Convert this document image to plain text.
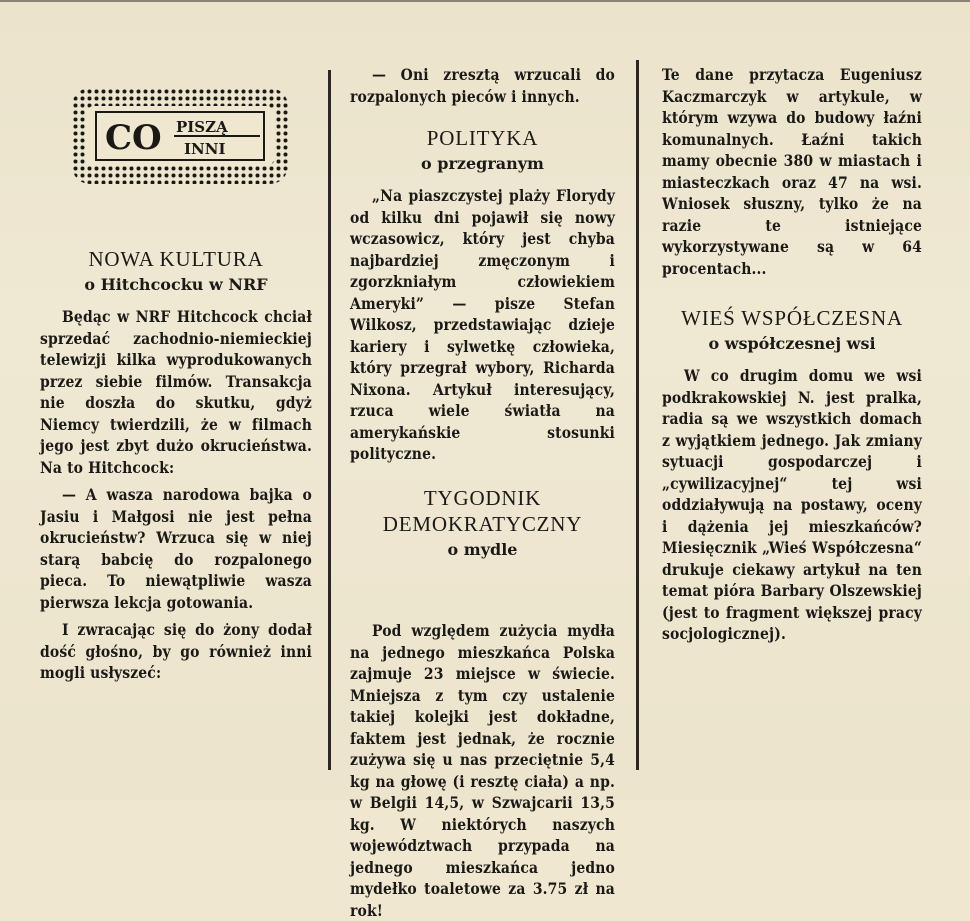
CO PISZĄ
INNI
NOWA KULTURA
o Hitchcocku w NRF

Będąc w NRF Hitchcock chciał sprzedać zachodnio-niemieckiej telewizji kilka wyprodukowanych przez siebie filmów. Transakcja nie doszła do skutku, gdyż Niemcy twierdzili, że w filmach jego jest zbyt dużo okrucieństwa. Na to Hitchcock:

— A wasza narodowa bajka o Jasiu i Małgosi nie jest pełna okrucieństw? Wrzuca się w niej starą babcię do rozpalonego pieca. To niewątpliwie wasza pierwsza lekcja gotowania.

I zwracając się do żony dodał dość głośno, by go również inni mogli usłyszeć:

— Oni zresztą wrzucali do rozpalonych pieców i innych.

POLITYKA
o przegranym

„Na piaszczystej plaży Florydy od kilku dni pojawił się nowy wczasowicz, który jest chyba najbardziej zmęczonym i zgorzkniałym człowiekiem Ameryki” — pisze Stefan Wilkosz, przedstawiając dzieje kariery i sylwetkę człowieka, który przegrał wybory, Richarda Nixona. Artykuł interesujący, rzuca wiele światła na amerykańskie stosunki polityczne.

TYGODNIK DEMOKRATYCZNY
o mydle

Pod względem zużycia mydła na jednego mieszkańca Polska zajmuje 23 miejsce w świecie. Mniejsza z tym czy ustalenie takiej kolejki jest dokładne, faktem jest jednak, że rocznie zużywa się u nas przeciętnie 5,4 kg na głowę (i resztę ciała) a np. w Belgii 14,5, w Szwajcarii 13,5 kg. W niektórych naszych województwach przypada na jednego mieszkańca jedno mydełko toaletowe za 3.75 zł na rok!

Te dane przytacza Eugeniusz Kaczmarczyk w artykule, w którym wzywa do budowy łaźni komunalnych. Łaźni takich mamy obecnie 380 w miastach i miasteczkach oraz 47 na wsi. Wniosek słuszny, tylko że na razie te istniejące wykorzystywane są w 64 procentach...

WIEŚ WSPÓŁCZESNA
o współczesnej wsi

W co drugim domu we wsi podkrakowskiej N. jest pralka, radia są we wszystkich domach z wyjątkiem jednego. Jak zmiany sytuacji gospodarczej i „cywilizacyjnej“ tej wsi oddziaływują na postawy, oceny i dążenia jej mieszkańców? Miesięcznik „Wieś Współczesna“ drukuje ciekawy artykuł na ten temat pióra Barbary Olszewskiej (jest to fragment większej pracy socjologicznej).
